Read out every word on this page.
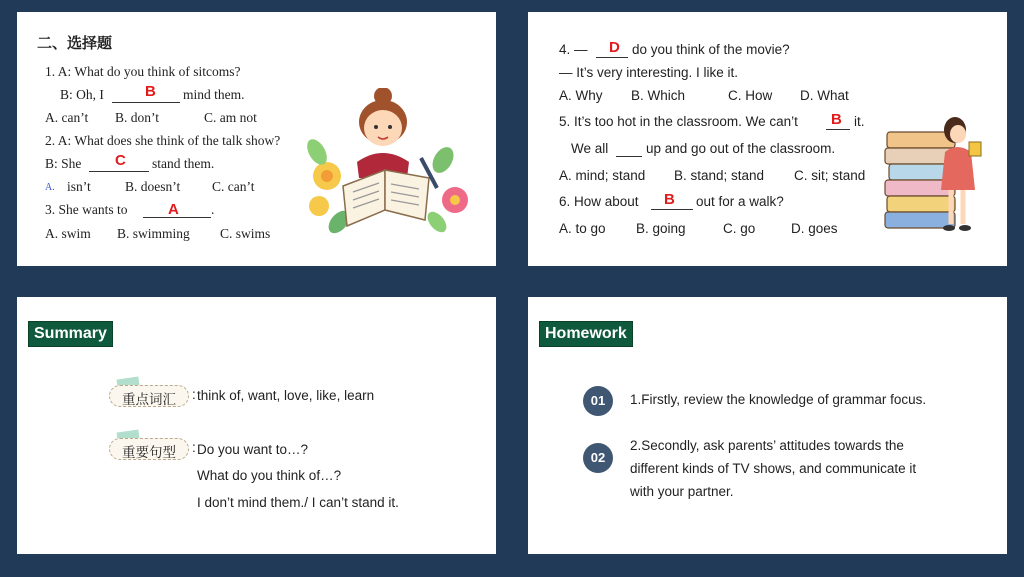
二、选择题
1. A: What do you think of sitcoms?
B: Oh, I	B mind them.
A. can’t B. don’t	C. am not
2. A: What does she think of the talk show?
B: She C stand them.
A. isn’t	B. doesn’t C. can’t
3. She wants to	A .
A. swim B. swimming C. swims
4. — D do you think of the movie?
— It’s very interesting. I like it.
A. Why B. Which	C. How D. What
5. It’s too hot in the classroom. We can’t B it.
We all	up and go out of the classroom.
A. mind; stand B. stand; stand C. sit; stand
6. How about B out for a walk?
A. to go B. going	C. go	D. goes
Summary
重点词汇	: think of, want, love, like, learn
重要句型	: Do you want to…?
What do you think of…?
I don’t mind them./ I can’t stand it.
Homework
01	1.Firstly, review the knowledge of grammar focus.
02
2.Secondly, ask parents’ attitudes towards the
different kinds of TV shows, and communicate it
with your partner.
